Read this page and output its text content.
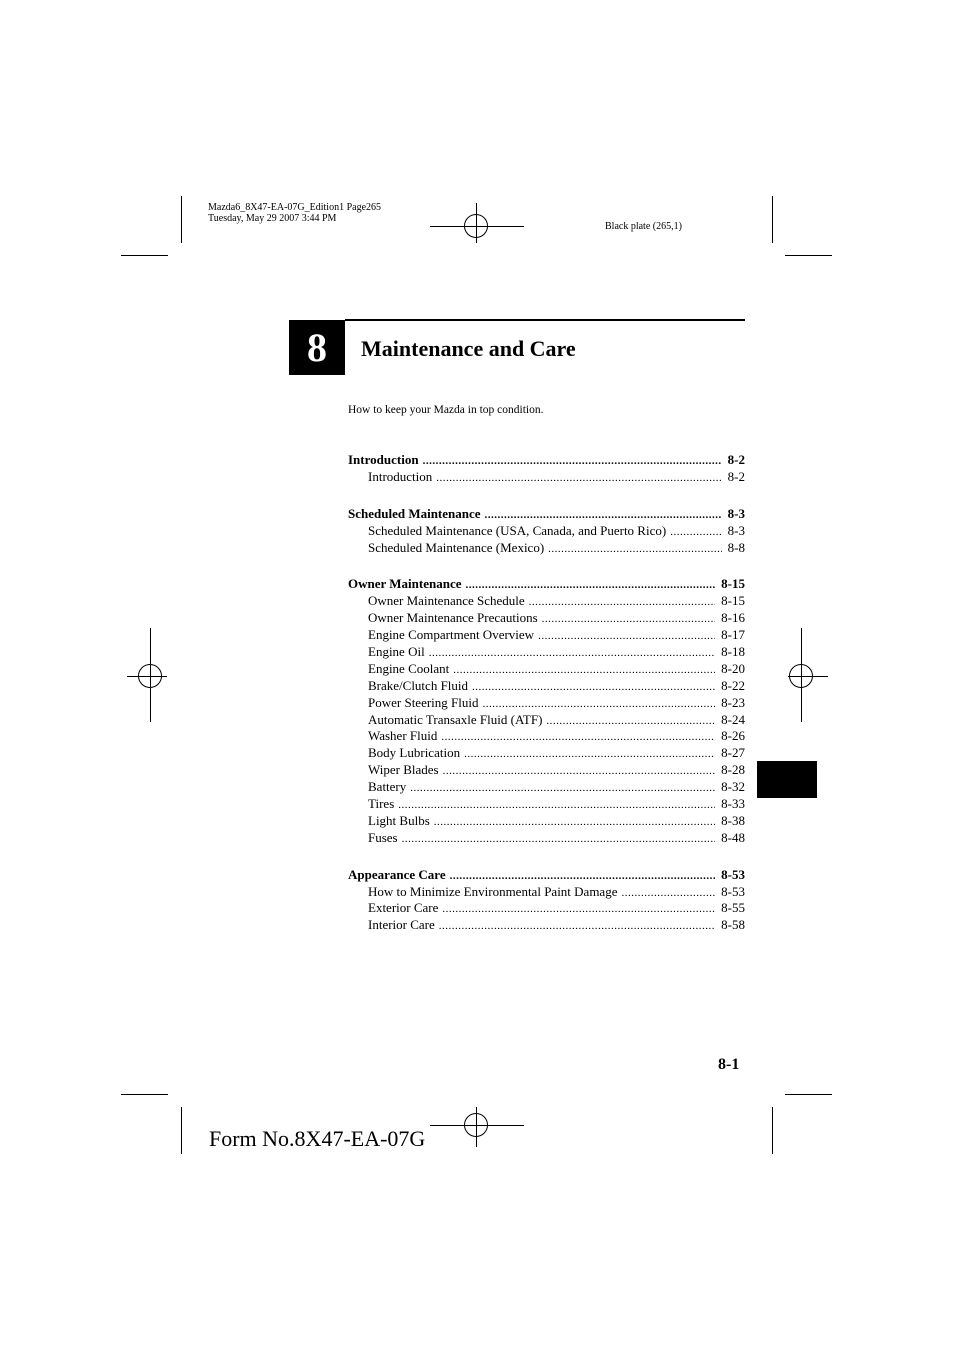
Mazda6_8X47-EA-07G_Edition1 Page265
Tuesday, May 29 2007 3:44 PM
Black plate (265,1)
8	Maintenance and Care
How to keep your Mazda in top condition.
Introduction .....	8-2
Introduction .....	8-2
Scheduled Maintenance .....	8-3
Scheduled Maintenance (USA, Canada, and Puerto Rico) .....	8-3
Scheduled Maintenance (Mexico) .....	8-8
Owner Maintenance .....	8-15
Owner Maintenance Schedule .....	8-15
Owner Maintenance Precautions .....	8-16
Engine Compartment Overview .....	8-17
Engine Oil .....	8-18
Engine Coolant .....	8-20
Brake/Clutch Fluid .....	8-22
Power Steering Fluid .....	8-23
Automatic Transaxle Fluid (ATF) .....	8-24
Washer Fluid .....	8-26
Body Lubrication .....	8-27
Wiper Blades .....	8-28
Battery .....	8-32
Tires .....	8-33
Light Bulbs .....	8-38
Fuses .....	8-48
Appearance Care .....	8-53
How to Minimize Environmental Paint Damage .....	8-53
Exterior Care .....	8-55
Interior Care .....	8-58
8-1
Form No.8X47-EA-07G
